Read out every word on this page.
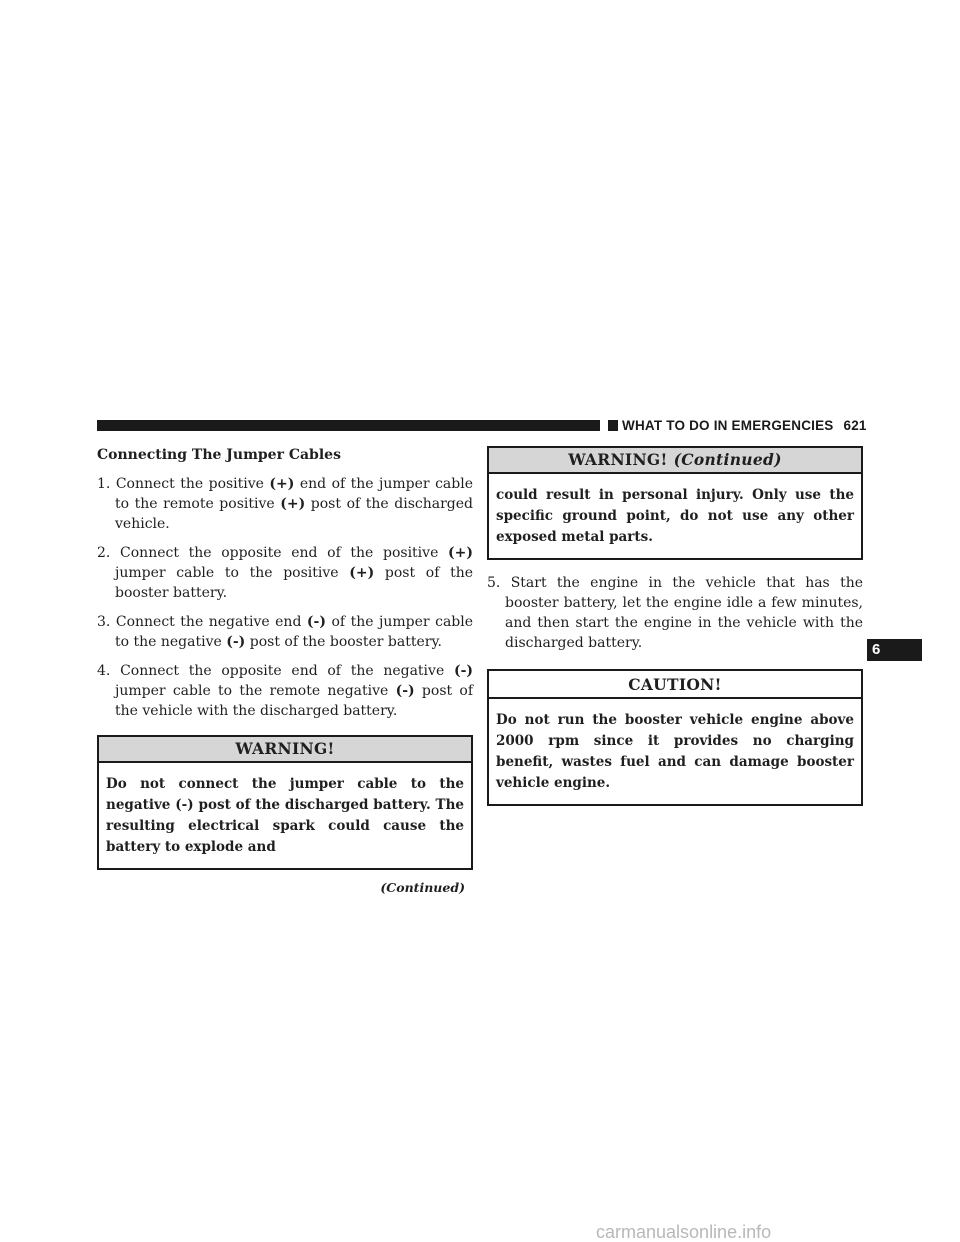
WHAT TO DO IN EMERGENCIES 621
Connecting The Jumper Cables
1. Connect the positive (+) end of the jumper cable to the remote positive (+) post of the discharged vehicle.
2. Connect the opposite end of the positive (+) jumper cable to the positive (+) post of the booster battery.
3. Connect the negative end (-) of the jumper cable to the negative (-) post of the booster battery.
4. Connect the opposite end of the negative (-) jumper cable to the remote negative (-) post of the vehicle with the discharged battery.
WARNING!
Do not connect the jumper cable to the negative (-) post of the discharged battery. The resulting electrical spark could cause the battery to explode and
(Continued)
WARNING! (Continued)
could result in personal injury. Only use the specific ground point, do not use any other exposed metal parts.
5. Start the engine in the vehicle that has the booster battery, let the engine idle a few minutes, and then start the engine in the vehicle with the discharged battery.
CAUTION!
Do not run the booster vehicle engine above 2000 rpm since it provides no charging benefit, wastes fuel and can damage booster vehicle engine.
6
carmanualsonline.info
